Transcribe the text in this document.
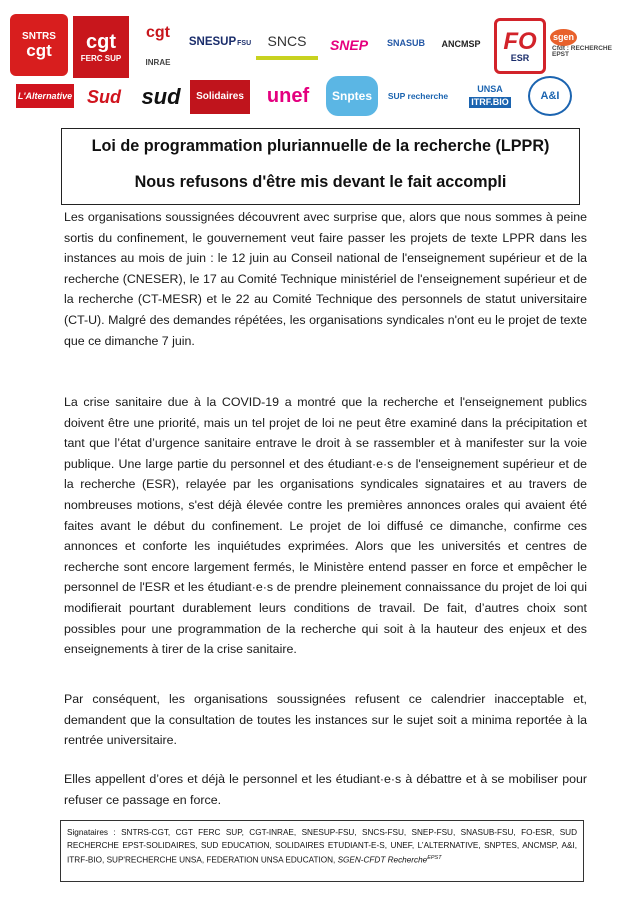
SNTRS
cgt cgt
FERC SUP
cgt
INRAE
SNESUP FSU SNCS SNEP SNASUB ANCMSP FO
ESR
sgenCfdt : RECHERCHE EPST
L'Alternative Sud sud Solidaires unef Snptes SUP recherche
UNSA
ITRF.BIO	A&I
Loi de programmation pluriannuelle de la recherche (LPPR)
Nous refusons d'être mis devant le fait accompli
Les organisations soussignées découvrent avec surprise que, alors que nous sommes à peine sortis du confinement, le gouvernement veut faire passer les projets de texte LPPR dans les instances au mois de juin : le 12 juin au Conseil national de l'enseignement supérieur et de la recherche (CNESER), le 17 au Comité Technique ministériel de l'enseignement supérieur et de la recherche (CT-MESR) et le 22 au Comité Technique des personnels de statut universitaire (CT-U). Malgré des demandes répétées, les organisations syndicales n'ont eu le projet de texte que ce dimanche 7 juin.
La crise sanitaire due à la COVID-19 a montré que la recherche et l'enseignement publics doivent être une priorité, mais un tel projet de loi ne peut être examiné dans la précipitation et tant que l’état d’urgence sanitaire entrave le droit à se rassembler et à manifester sur la voie publique. Une large partie du personnel et des étudiant·e·s de l'enseignement supérieur et de la recherche (ESR), relayée par les organisations syndicales signataires et au travers de nombreuses motions, s'est déjà élevée contre les premières annonces orales qui avaient été faites avant le début du confinement. Le projet de loi diffusé ce dimanche, confirme ces annonces et conforte les inquiétudes exprimées. Alors que les universités et centres de recherche sont encore largement fermés, le Ministère entend passer en force et empêcher le personnel de l'ESR et les étudiant·e·s de prendre pleinement connaissance du projet de loi qui modifierait pourtant durablement leurs conditions de travail. De fait, d’autres choix sont possibles pour une programmation de la recherche qui soit à la hauteur des enjeux et des enseignements à tirer de la crise sanitaire.
Par conséquent, les organisations soussignées refusent ce calendrier inacceptable et, demandent que la consultation de toutes les instances sur le sujet soit a minima reportée à la rentrée universitaire.
Elles appellent d’ores et déjà le personnel et les étudiant·e·s à débattre et à se mobiliser pour refuser ce passage en force.
Signataires : SNTRS-CGT, CGT FERC SUP, CGT-INRAE, SNESUP-FSU, SNCS-FSU, SNEP-FSU, SNASUB-FSU, FO-ESR, SUD RECHERCHE EPST-SOLIDAIRES, SUD EDUCATION, SOLIDAIRES ETUDIANT-E-S, UNEF, L’ALTERNATIVE, SNPTES, ANCMSP, A&I, ITRF-BIO, SUP'RECHERCHE UNSA, FEDERATION UNSA EDUCATION, SGEN-CFDT Recherche$^{EPST}$
